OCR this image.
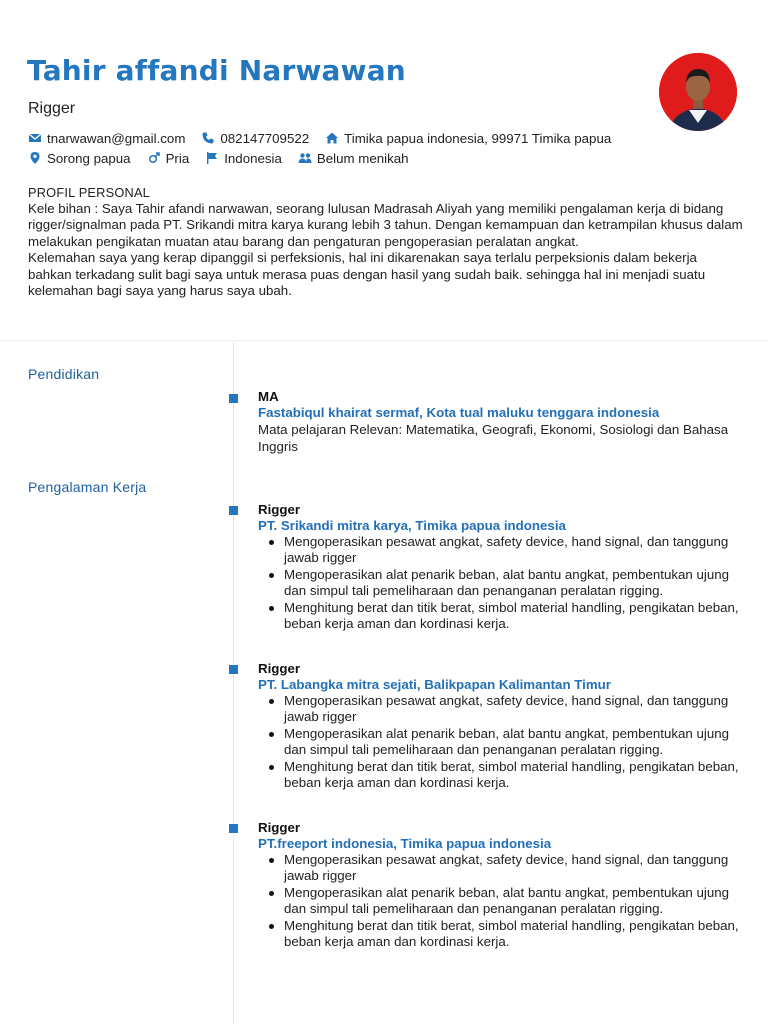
Tahir affandi Narwawan
Rigger
tnarwawan@gmail.com	082147709522	Timika papua indonesia, 99971 Timika papua
Sorong papua	Pria	Indonesia	Belum menikah
PROFIL PERSONAL

Kele bihan : Saya Tahir afandi narwawan, seorang lulusan Madrasah Aliyah yang memiliki pengalaman kerja di bidang rigger/signalman pada PT. Srikandi mitra karya kurang lebih 3 tahun. Dengan kemampuan dan ketrampilan khusus dalam melakukan pengikatan muatan atau barang dan pengaturan pengoperasian peralatan angkat.

Kelemahan saya yang kerap dipanggil si perfeksionis, hal ini dikarenakan saya terlalu perpeksionis dalam bekerja bahkan terkadang sulit bagi saya untuk merasa puas dengan hasil yang sudah baik. sehingga hal ini menjadi suatu kelemahan bagi saya yang harus saya ubah.

Pendidikan
MA
Fastabiqul khairat sermaf, Kota tual maluku tenggara indonesia
Mata pelajaran Relevan: Matematika, Geografi, Ekonomi, Sosiologi dan Bahasa Inggris
Pengalaman Kerja
Rigger
PT. Srikandi mitra karya, Timika papua indonesia
Mengoperasikan pesawat angkat, safety device, hand signal, dan tanggung jawab rigger
Mengoperasikan alat penarik beban, alat bantu angkat, pembentukan ujung dan simpul tali pemeliharaan dan penanganan peralatan rigging.
Menghitung berat dan titik berat, simbol material handling, pengikatan beban, beban kerja aman dan kordinasi kerja.
Rigger
PT. Labangka mitra sejati, Balikpapan Kalimantan Timur
Mengoperasikan pesawat angkat, safety device, hand signal, dan tanggung jawab rigger
Mengoperasikan alat penarik beban, alat bantu angkat, pembentukan ujung dan simpul tali pemeliharaan dan penanganan peralatan rigging.
Menghitung berat dan titik berat, simbol material handling, pengikatan beban, beban kerja aman dan kordinasi kerja.
Rigger
PT.freeport indonesia, Timika papua indonesia
Mengoperasikan pesawat angkat, safety device, hand signal, dan tanggung jawab rigger
Mengoperasikan alat penarik beban, alat bantu angkat, pembentukan ujung dan simpul tali pemeliharaan dan penanganan peralatan rigging.
Menghitung berat dan titik berat, simbol material handling, pengikatan beban, beban kerja aman dan kordinasi kerja.
